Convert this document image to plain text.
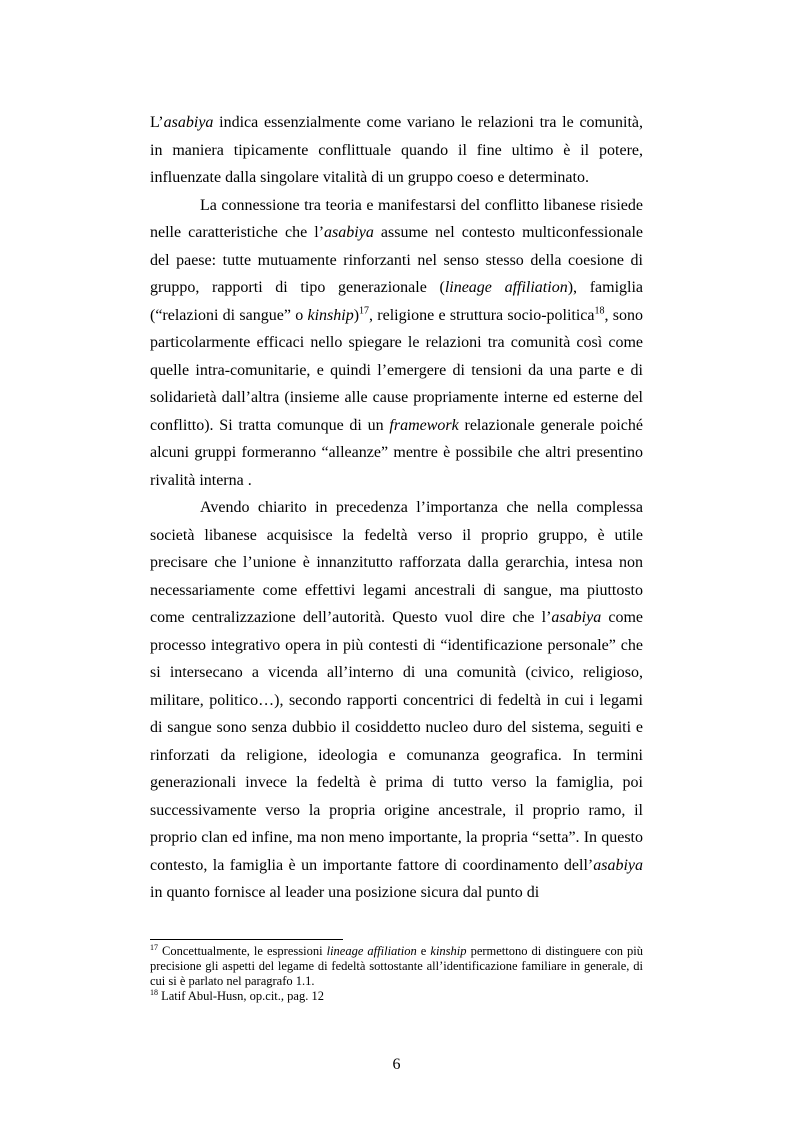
L’asabiya indica essenzialmente come variano le relazioni tra le comunità, in maniera tipicamente conflittuale quando il fine ultimo è il potere, influenzate dalla singolare vitalità di un gruppo coeso e determinato.

La connessione tra teoria e manifestarsi del conflitto libanese risiede nelle caratteristiche che l’asabiya assume nel contesto multiconfessionale del paese: tutte mutuamente rinforzanti nel senso stesso della coesione di gruppo, rapporti di tipo generazionale (lineage affiliation), famiglia (“relazioni di sangue” o kinship)$^{17}$, religione e struttura socio-politica$^{18}$, sono particolarmente efficaci nello spiegare le relazioni tra comunità così come quelle intra-comunitarie, e quindi l’emergere di tensioni da una parte e di solidarietà dall’altra (insieme alle cause propriamente interne ed esterne del conflitto). Si tratta comunque di un framework relazionale generale poiché alcuni gruppi formeranno “alleanze” mentre è possibile che altri presentino rivalità interna .

Avendo chiarito in precedenza l’importanza che nella complessa società libanese acquisisce la fedeltà verso il proprio gruppo, è utile precisare che l’unione è innanzitutto rafforzata dalla gerarchia, intesa non necessariamente come effettivi legami ancestrali di sangue, ma piuttosto come centralizzazione dell’autorità. Questo vuol dire che l’asabiya come processo integrativo opera in più contesti di “identificazione personale” che si intersecano a vicenda all’interno di una comunità (civico, religioso, militare, politico…), secondo rapporti concentrici di fedeltà in cui i legami di sangue sono senza dubbio il cosiddetto nucleo duro del sistema, seguiti e rinforzati da religione, ideologia e comunanza geografica. In termini generazionali invece la fedeltà è prima di tutto verso la famiglia, poi successivamente verso la propria origine ancestrale, il proprio ramo, il proprio clan ed infine, ma non meno importante, la propria “setta”. In questo contesto, la famiglia è un importante fattore di coordinamento dell’asabiya in quanto fornisce al leader una posizione sicura dal punto di

$^{17}$ Concettualmente, le espressioni lineage affiliation e kinship permettono di distinguere con più precisione gli aspetti del legame di fedeltà sottostante all’identificazione familiare in generale, di cui si è parlato nel paragrafo 1.1.

$^{18}$ Latif Abul-Husn, op.cit., pag. 12

6
